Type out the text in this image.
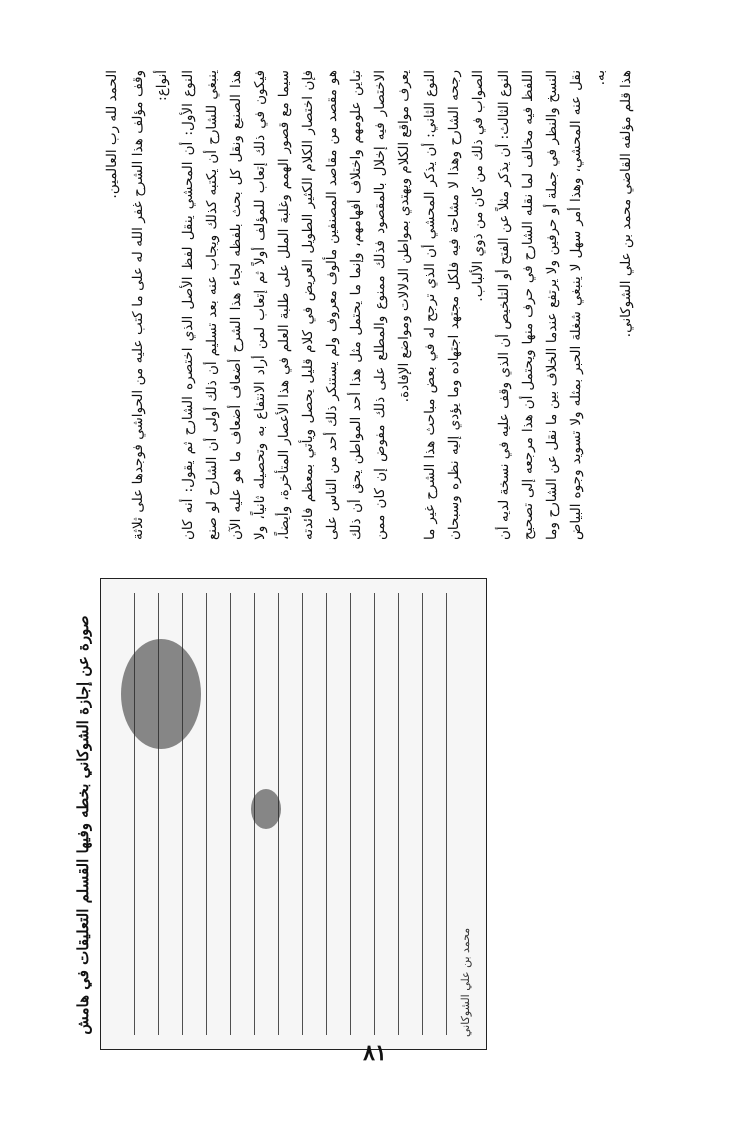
صورة عن إجازة الشوكاني بخطه وفيها القسلم التعليقات في هامش	محمد بن علي الشوكاني

الحمد لله رب العالمين. وقف مؤلف هذا الشرح غفر الله له على ما كتب عليه من الحواشي فوجدها على ثلاثة أنواع: النوع الأول: أن المحشي ينقل لفظ الأصل الذي اختصره الشارح ثم يقول: أنه كان ينبغي للشارح أن يكتبه كذلك ويجاب عنه بعد تسليم أن ذلك أولى أن الشارح لو صنع هذا الصنيع ونقل كل بحث بلفظه لجاء هذا الشرح أضعاف أضعاف ما هو عليه الآن فيكون في ذلك إتعاب للمؤلف أولاً ثم إتعاب لمن أراد الانتفاع به وتحصيله ثانياً، ولا سيما مع قصور الهمم وغلبة الملل على طلبة العلم في هذا الأعصار المتأخرة، وأيضاً، فإن اختصار الكلام الكثير الطويل العريض في كلام قليل يحصل ويأتي بمعظم فائدته هو مقصد من مقاصد المصنفين مألوف معروف ولم يستنكر ذلك أحد من الناس على تباين علومهم واختلاف أفهامهم، وإنما ما يحتمل مثل هذا أحد المواطن يحق أن ذلك الاختصار فيه إخلال بالمقصود فذلك ممنوع والمطلع على ذلك مفوض إن كان ممن يعرف مواقع الكلام ويهتدي بمواطن الدلالات ومواضع الإفادة. النوع الثاني: أن يذكر المحشي أن الذي ترجح له في بعض مباحث هذا الشرح غير ما رجحه الشارح وهذا لا مشاحة فيه فلكل مجتهد اجتهاده وما يؤدي إليه نظره وسبحان الصواب في ذلك من كان من ذوي الألباب. النوع الثالث: أن يذكر مثلاً عن الفتح أو التلخيص أن الذي وقف عليه في نسخة لديه أن اللفظ فيه مخالف لما نقله الشارح في حرف منها ويحتمل أن هذا مرجعه إلى تصحيح النسخ والنظر في جملة أو حرفين ولا يرتفع عندما الخلاف بين ما نقل عن الشارح وما نقل عنه المحشي، وهذا أمر سهل لا ينبغي شغلة الحبر بمثله ولا تسويد وجوه البياض به. هذا قلم مؤلفه القاضي محمد بن علي الشوكاني.

٨١
